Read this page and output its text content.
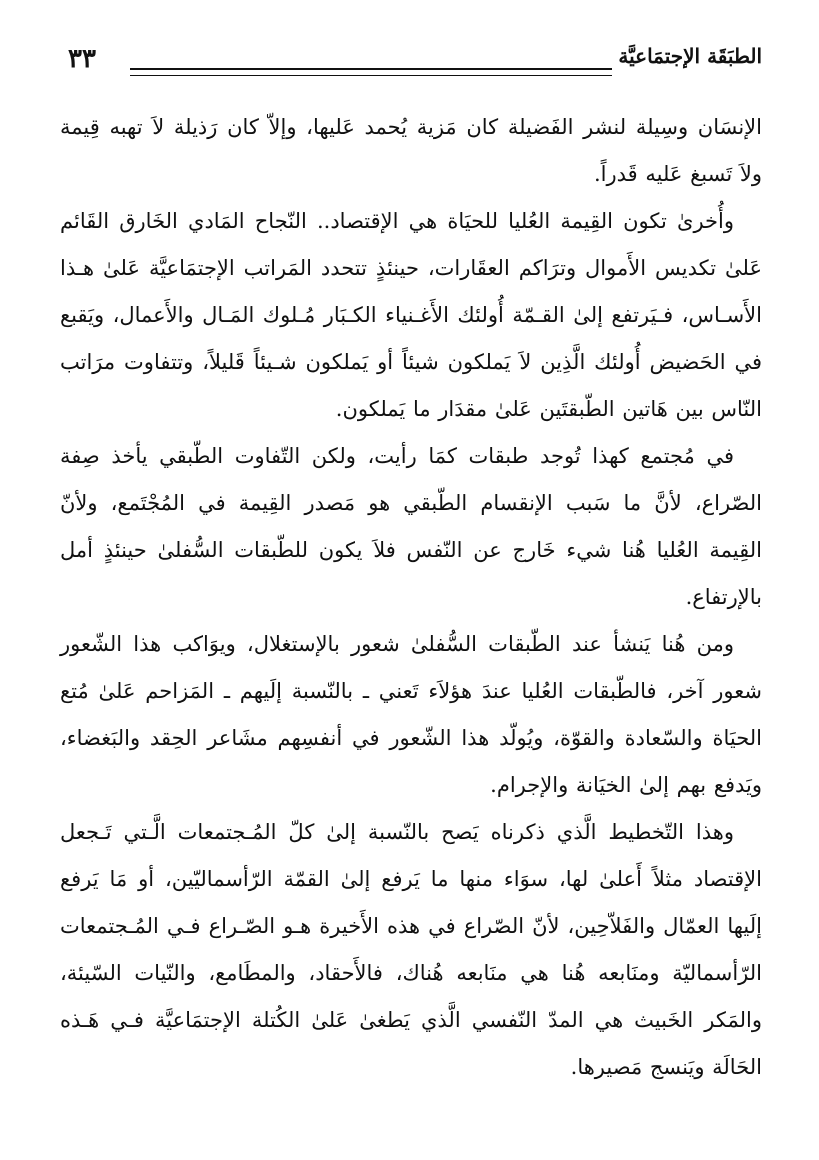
الطبَقَة الإجتمَاعيَّة
٣٣

الإنسَان وسِيلة لنشر الفَضيلة كان مَزية يُحمد عَليها، وإلاّ كان رَذيلة لاَ تهبه قِيمة ولاَ تَسبغ عَليه قَدراً.

وأُخرىٰ تكون القِيمة العُليا للحيَاة هي الإقتصاد.. النّجاح المَادي الخَارق القَائم عَلىٰ تكديس الأَموال وترَاكم العقَارات، حينئذٍ تتحدد المَراتب الإجتمَاعيَّة عَلىٰ هـذا الأَسـاس، فـيَرتفع إلىٰ القـمّة أُولئك الأَغـنياء الكـبَار مُـلوك المَـال والأَعمال، ويَقبع في الحَضيض أُولئك الَّذِين لاَ يَملكون شيئاً أو يَملكون شـيئاً قَليلاً، وتتفاوت مرَاتب النّاس بين هَاتين الطّبقتَين عَلىٰ مقدَار ما يَملكون.

في مُجتمع كهذا تُوجد طبقات كمَا رأيت، ولكن التّفاوت الطّبقي يأخذ صِفة الصّراع، لأنَّ ما سَبب الإنقسام الطّبقي هو مَصدر القِيمة في المُجْتَمع، ولأنّ القِيمة العُليا هُنا شيء خَارج عن النّفس فلاَ يكون للطّبقات السُّفلىٰ حينئذٍ أمل بالإرتفاع.

ومن هُنا يَنشأ عند الطّبقات السُّفلىٰ شعور بالإستغلال، ويوَاكب هذا الشّعور شعور آخر، فالطّبقات العُليا عندَ هؤلاَء تَعني ـ بالنّسبة إلَيهم ـ المَزاحم عَلىٰ مُتع الحيَاة والسّعادة والقوّة، ويُولّد هذا الشّعور في أنفسِهم مشَاعر الحِقد والبَغضاء، ويَدفع بهم إلىٰ الخيَانة والإجرام.

وهذا التّخطيط الَّذي ذكرناه يَصح بالنّسبة إلىٰ كلّ المُـجتمعات الَّـتي تَـجعل الإقتصاد مثلاً أَعلىٰ لها، سوَاء منها ما يَرفع إلىٰ القمّة الرّأسماليّين، أو مَا يَرفع إلَيها العمّال والفَلاّحِين، لأنّ الصّراع في هذه الأَخيرة هـو الصّـراع فـي المُـجتمعات الرّأسماليّة ومنَابعه هُنا هي منَابعه هُناك، فالأَحقاد، والمطَامع، والنّيات السّيئة، والمَكر الخَبيث هي المدّ النّفسي الَّذي يَطغىٰ عَلىٰ الكُتلة الإجتمَاعيَّة فـي هَـذه الحَالَة ويَنسج مَصيرها.
